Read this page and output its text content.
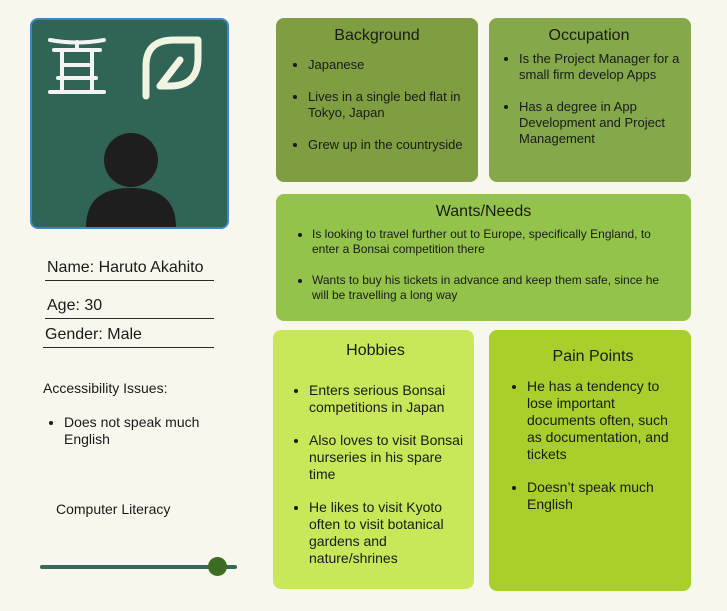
Name: Haruto Akahito
Age: 30
Gender: Male
Accessibility Issues:
• Does not speak much English
Computer Literacy
Background
• Japanese
• Lives in a single bed flat in Tokyo, Japan
• Grew up in the countryside
Occupation
• Is the Project Manager for a small firm develop Apps
• Has a degree in App Development and Project Management
Wants/Needs
• Is looking to travel further out to Europe, specifically England, to enter a Bonsai competition there
• Wants to buy his tickets in advance and keep them safe, since he will be travelling a long way
Hobbies
• Enters serious Bonsai competitions in Japan
• Also loves to visit Bonsai nurseries in his spare time
• He likes to visit Kyoto often to visit botanical gardens and nature/shrines
Pain Points
• He has a tendency to lose important documents often, such as documentation, and tickets
• Doesn’t speak much English
